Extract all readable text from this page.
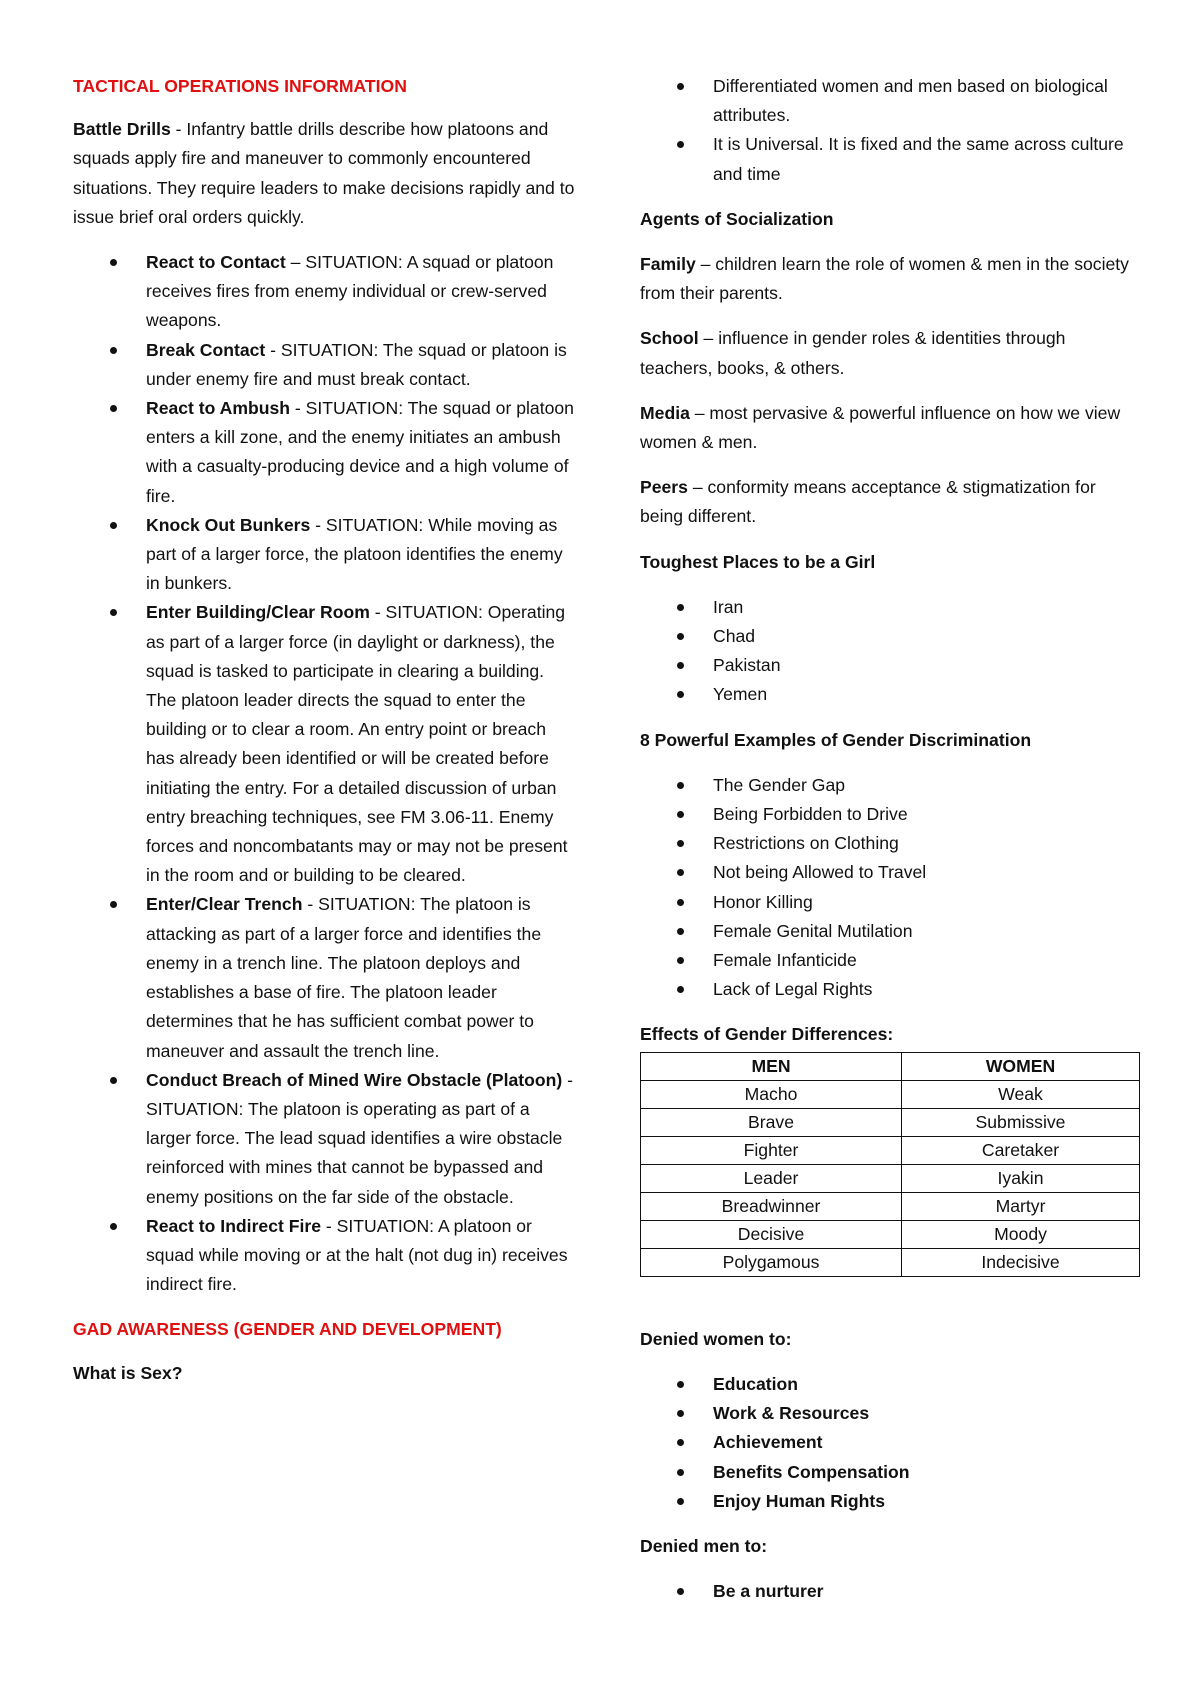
TACTICAL OPERATIONS INFORMATION

Battle Drills - Infantry battle drills describe how platoons and squads apply fire and maneuver to commonly encountered situations. They require leaders to make decisions rapidly and to issue brief oral orders quickly.

React to Contact – SITUATION: A squad or platoon receives fires from enemy individual or crew-served weapons.
Break Contact - SITUATION: The squad or platoon is under enemy fire and must break contact.
React to Ambush - SITUATION: The squad or platoon enters a kill zone, and the enemy initiates an ambush with a casualty-producing device and a high volume of fire.
Knock Out Bunkers - SITUATION: While moving as part of a larger force, the platoon identifies the enemy in bunkers.
Enter Building/Clear Room - SITUATION: Operating as part of a larger force (in daylight or darkness), the squad is tasked to participate in clearing a building. The platoon leader directs the squad to enter the building or to clear a room. An entry point or breach has already been identified or will be created before initiating the entry. For a detailed discussion of urban entry breaching techniques, see FM 3.06-11. Enemy forces and noncombatants may or may not be present in the room and or building to be cleared.
Enter/Clear Trench - SITUATION: The platoon is attacking as part of a larger force and identifies the enemy in a trench line. The platoon deploys and establishes a base of fire. The platoon leader determines that he has sufficient combat power to maneuver and assault the trench line.
Conduct Breach of Mined Wire Obstacle (Platoon) - SITUATION: The platoon is operating as part of a larger force. The lead squad identifies a wire obstacle reinforced with mines that cannot be bypassed and enemy positions on the far side of the obstacle.
React to Indirect Fire - SITUATION: A platoon or squad while moving or at the halt (not dug in) receives indirect fire.

GAD AWARENESS (GENDER AND DEVELOPMENT)

What is Sex?

Differentiated women and men based on biological attributes.
It is Universal. It is fixed and the same across culture and time

Agents of Socialization

Family – children learn the role of women & men in the society from their parents.

School – influence in gender roles & identities through teachers, books, & others.

Media – most pervasive & powerful influence on how we view women & men.

Peers – conformity means acceptance & stigmatization for being different.

Toughest Places to be a Girl

Iran
Chad
Pakistan
Yemen

8 Powerful Examples of Gender Discrimination

The Gender Gap
Being Forbidden to Drive
Restrictions on Clothing
Not being Allowed to Travel
Honor Killing
Female Genital Mutilation
Female Infanticide
Lack of Legal Rights

Effects of Gender Differences:

MEN	WOMEN
Macho	Weak
Brave	Submissive
Fighter	Caretaker
Leader	Iyakin
Breadwinner	Martyr
Decisive	Moody
Polygamous	Indecisive

Denied women to:

Education
Work & Resources
Achievement
Benefits Compensation
Enjoy Human Rights

Denied men to:

Be a nurturer
